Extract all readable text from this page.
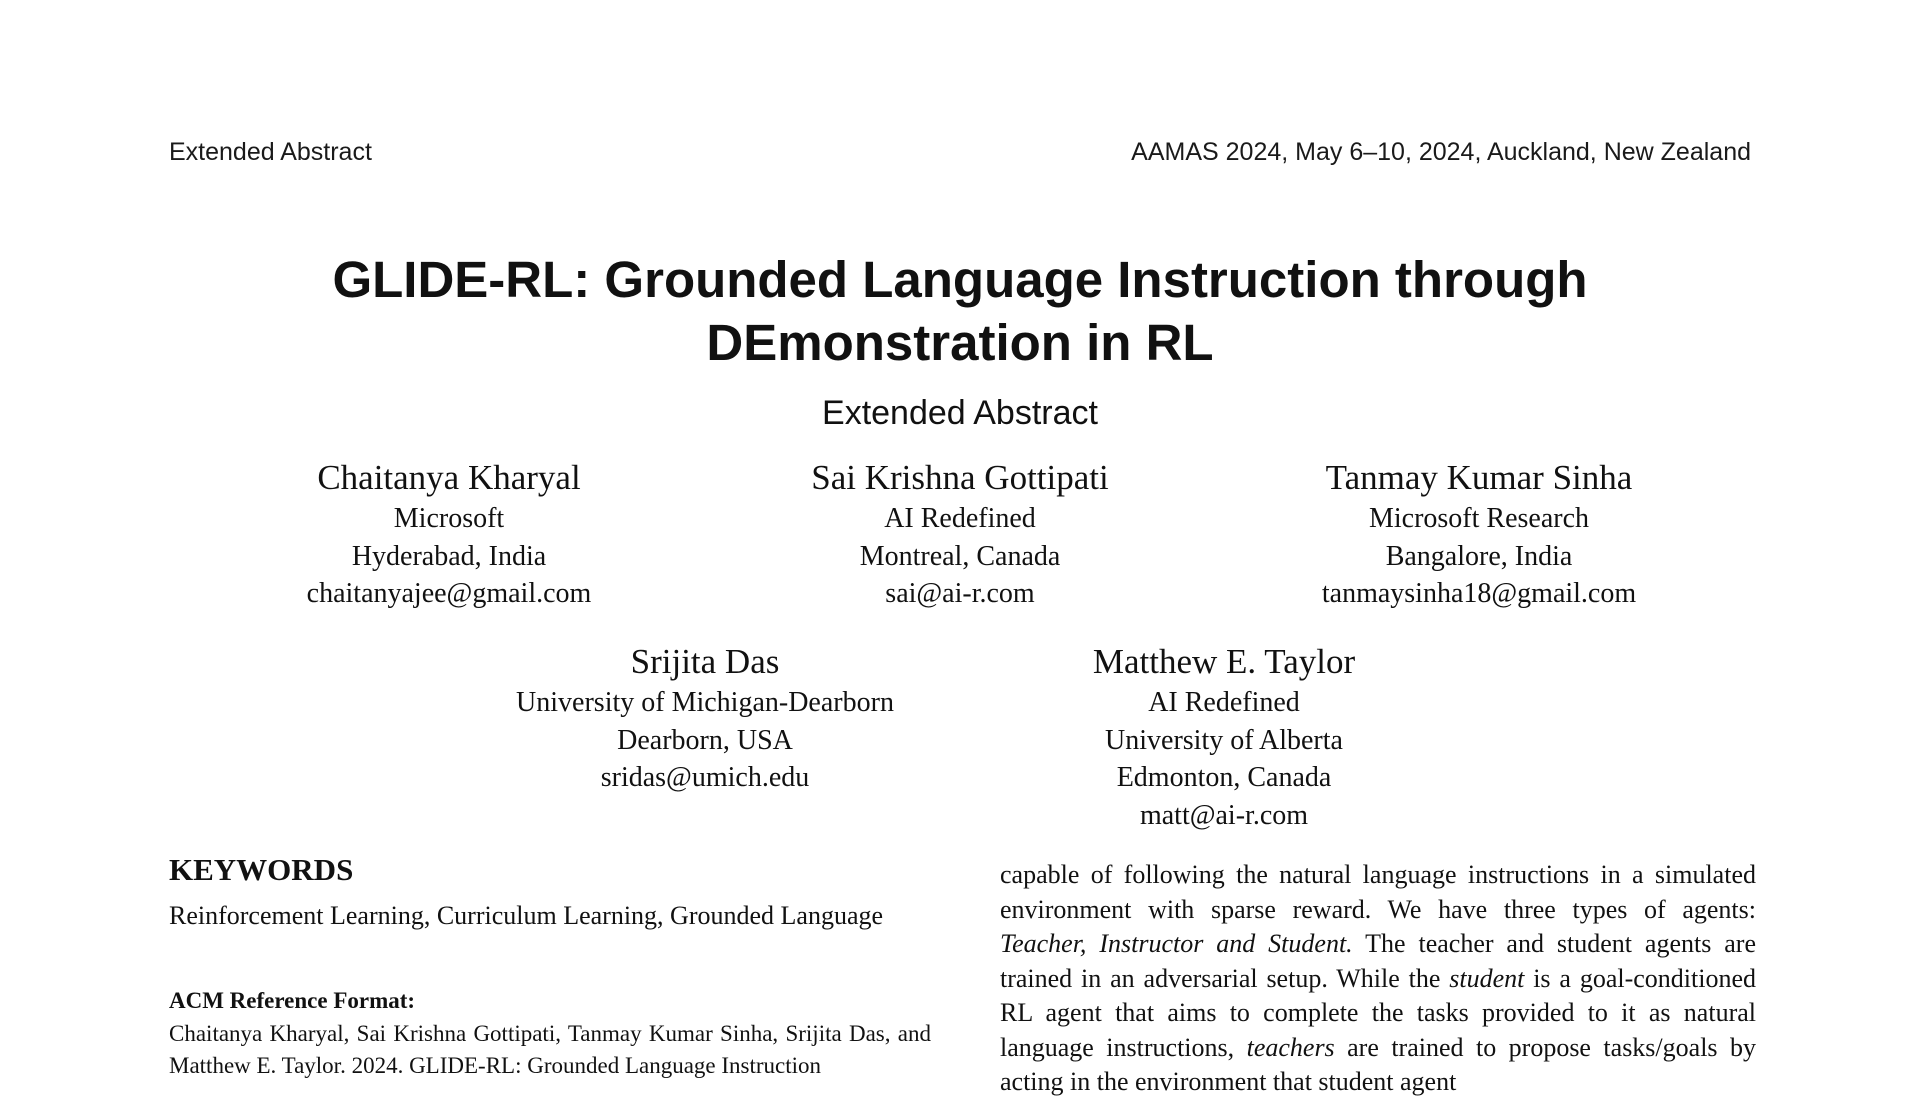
Extended Abstract	AAMAS 2024, May 6–10, 2024, Auckland, New Zealand
GLIDE-RL: Grounded Language Instruction through
DEmonstration in RL
Extended Abstract
Chaitanya Kharyal
Microsoft
Hyderabad, India
chaitanyajee@gmail.com
Sai Krishna Gottipati
AI Redefined
Montreal, Canada
sai@ai-r.com
Tanmay Kumar Sinha
Microsoft Research
Bangalore, India
tanmaysinha18@gmail.com
Srijita Das
University of Michigan-Dearborn
Dearborn, USA
sridas@umich.edu
Matthew E. Taylor
AI Redefined
University of Alberta
Edmonton, Canada
matt@ai-r.com
KEYWORDS
Reinforcement Learning, Curriculum Learning, Grounded Language
ACM Reference Format:
Chaitanya Kharyal, Sai Krishna Gottipati, Tanmay Kumar Sinha, Srijita Das, and Matthew E. Taylor. 2024. GLIDE-RL: Grounded Language Instruction
capable of following the natural language instructions in a simulated environment with sparse reward. We have three types of agents: Teacher, Instructor and Student. The teacher and student agents are trained in an adversarial setup. While the student is a goal-conditioned RL agent that aims to complete the tasks provided to it as natural language instructions, teachers are trained to propose tasks/goals by acting in the environment that student agent
